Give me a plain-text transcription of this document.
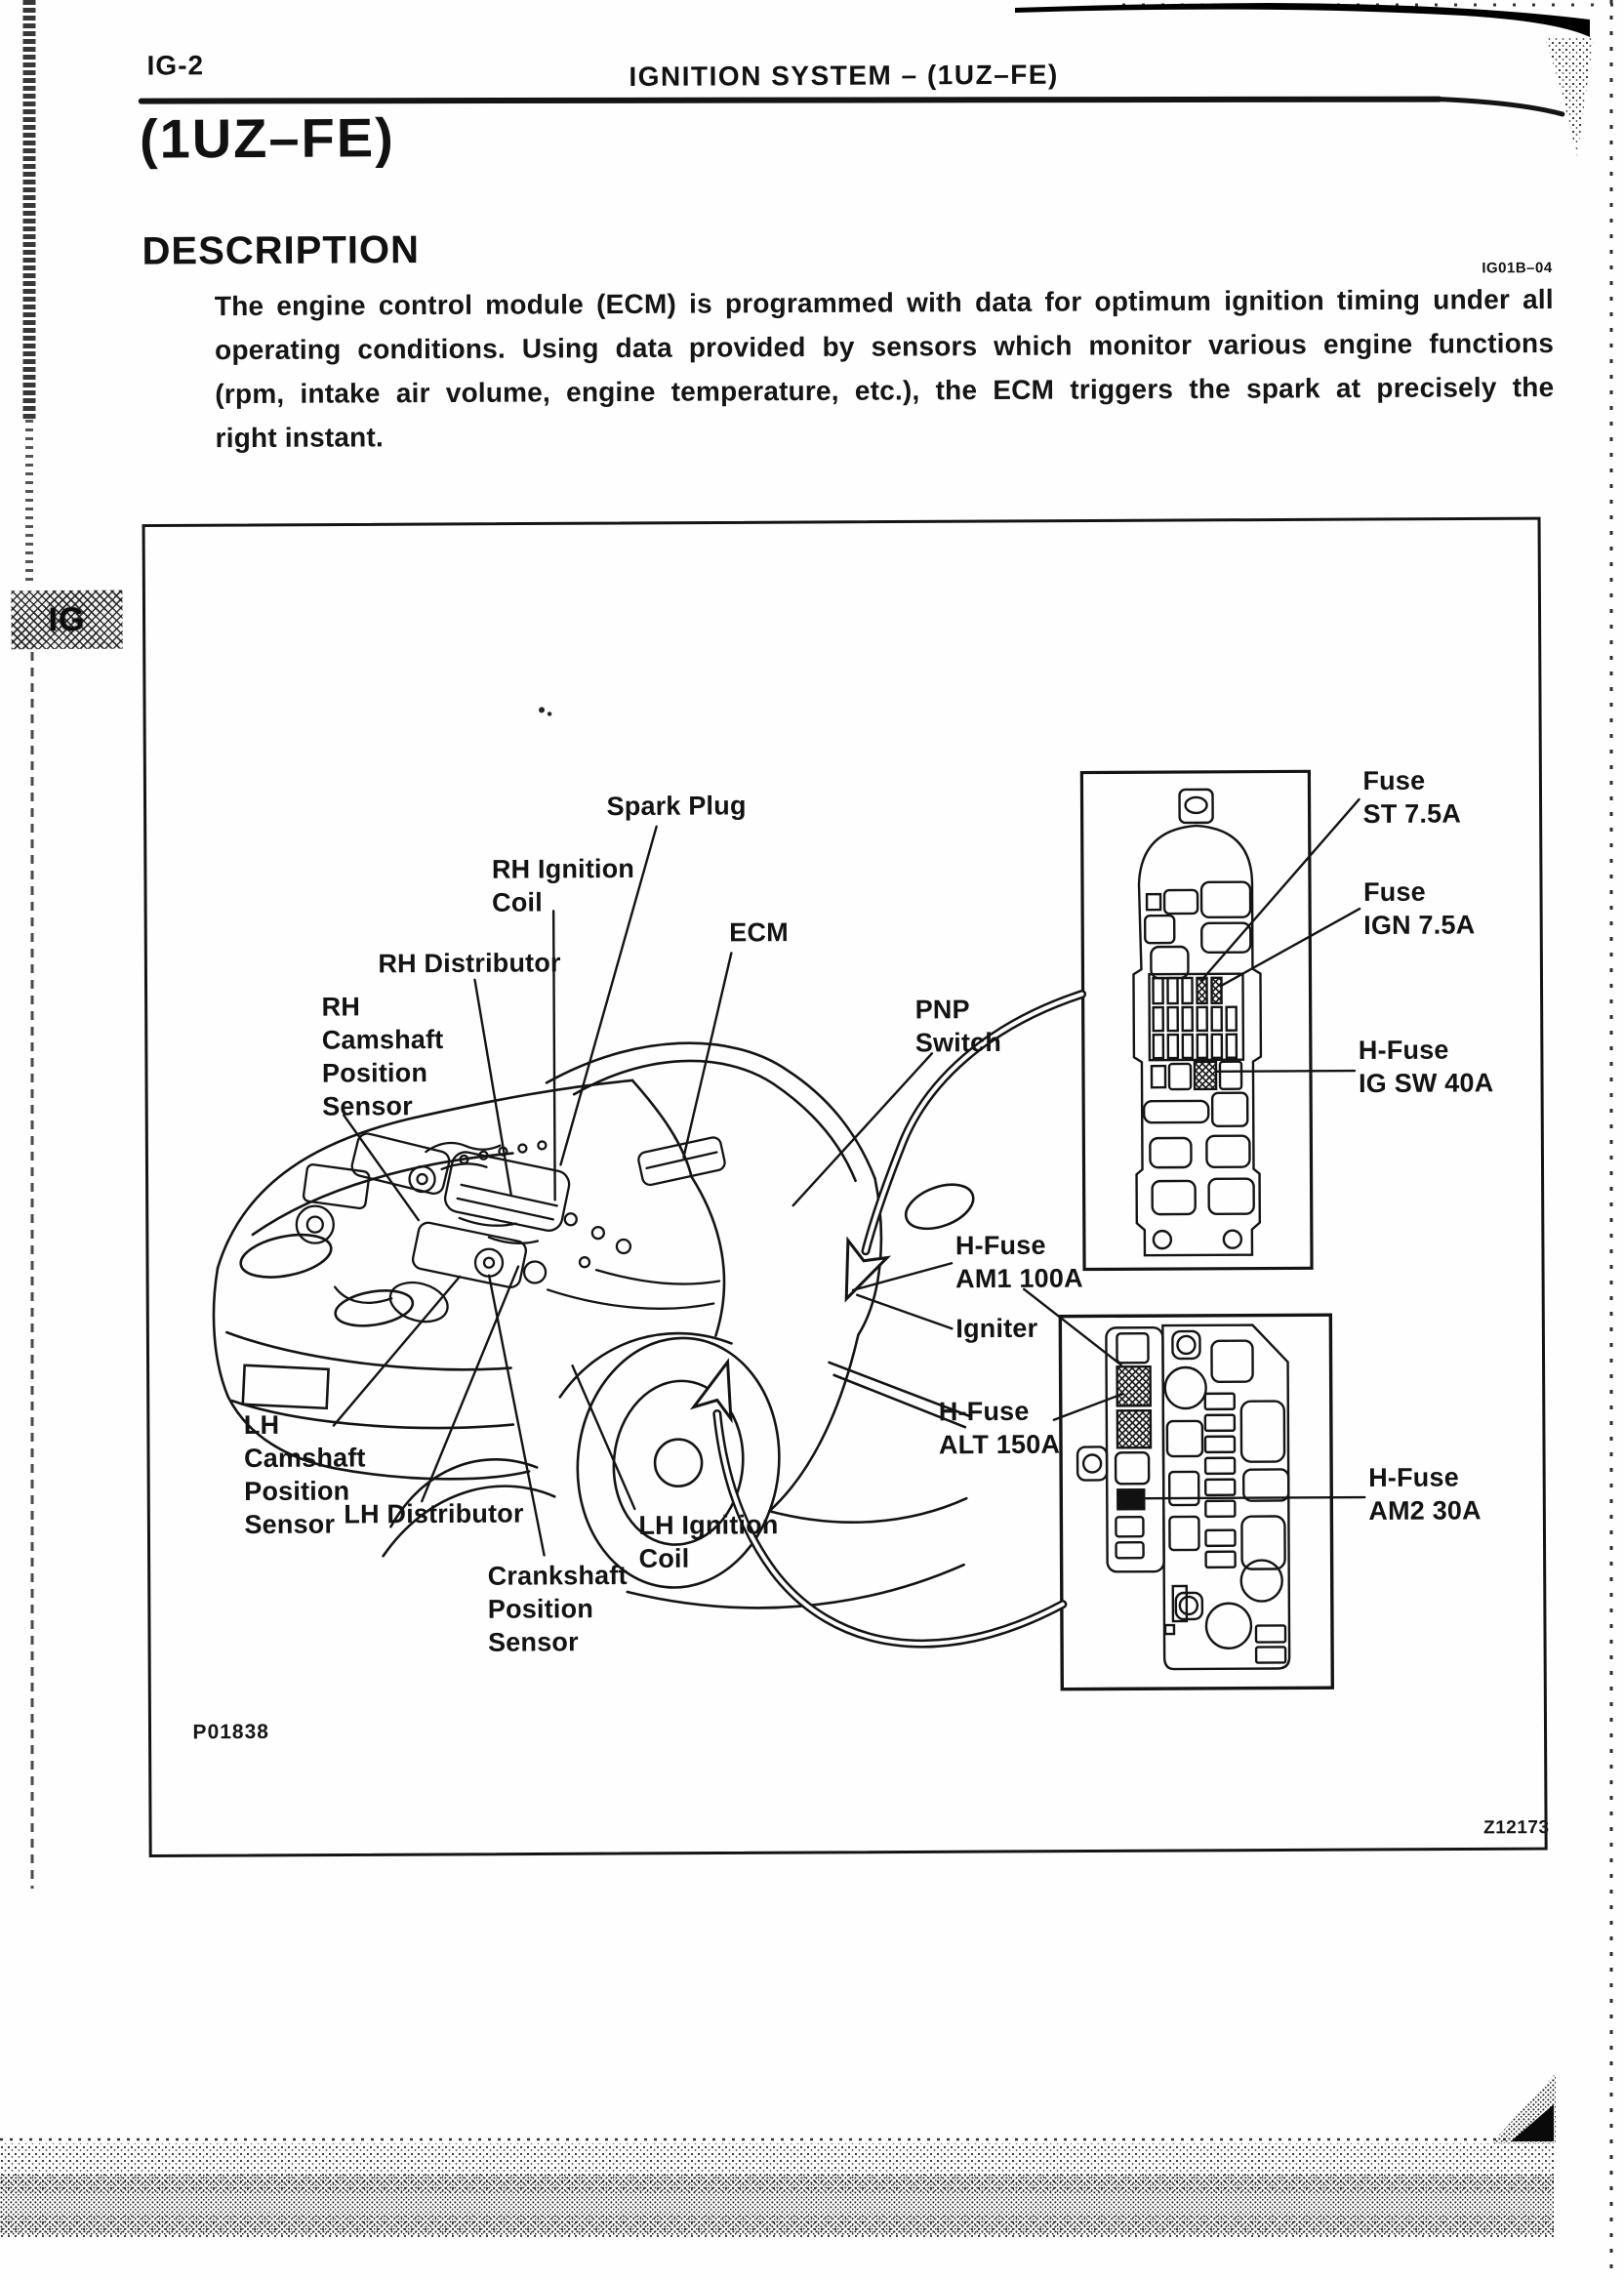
IG-2	IGNITION SYSTEM – (1UZ–FE)
(1UZ–FE)
DESCRIPTION	IG01B–04
The engine control module (ECM) is programmed with data for optimum ignition timing under all
operating conditions. Using data provided by sensors which monitor various engine functions
(rpm, intake air volume, engine temperature, etc.), the ECM triggers the spark at precisely the
right instant.
Spark Plug
RH Ignition
Coil
RH Distributor
ECM
RH
Camshaft
Position
Sensor
PNP
Switch
Fuse
ST 7.5A
Fuse
IGN 7.5A
H-Fuse
IG SW 40A
H-Fuse
AM1 100A
Igniter
H-Fuse
ALT 150A
H-Fuse
AM2 30A
LH
Camshaft
Position
Sensor LH Distributor	LH Ignition
Coil
Crankshaft
Position
Sensor
P01838
Z12173
IG
